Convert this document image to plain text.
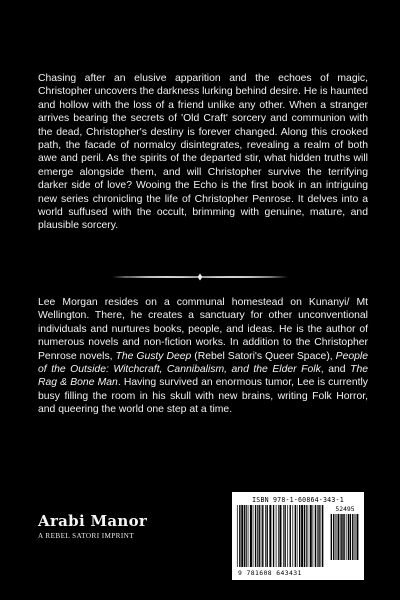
Chasing after an elusive apparition and the echoes of magic, Christopher uncovers the darkness lurking behind desire. He is haunted and hollow with the loss of a friend unlike any other. When a stranger arrives bearing the secrets of 'Old Craft' sorcery and communion with the dead, Christopher's destiny is forever changed. Along this crooked path, the facade of normalcy disintegrates, revealing a realm of both awe and peril. As the spirits of the departed stir, what hidden truths will emerge alongside them, and will Christopher survive the terrifying darker side of love? Wooing the Echo is the first book in an intriguing new series chronicling the life of Christopher Penrose. It delves into a world suffused with the occult, brimming with genuine, mature, and plausible sorcery.

Lee Morgan resides on a communal homestead on Kunanyi/ Mt Wellington. There, he creates a sanctuary for other unconventional individuals and nurtures books, people, and ideas. He is the author of numerous novels and non-fiction works. In addition to the Christopher Penrose novels, The Gusty Deep (Rebel Satori's Queer Space), People of the Outside: Witchcraft, Cannibalism, and the Elder Folk, and The Rag & Bone Man. Having survived an enormous tumor, Lee is currently busy filling the room in his skull with new brains, writing Folk Horror, and queering the world one step at a time.

Arabi Manor
A REBEL SATORI IMPRINT
ISBN 978-1-60864-343-1
52495
9 781608 643431
